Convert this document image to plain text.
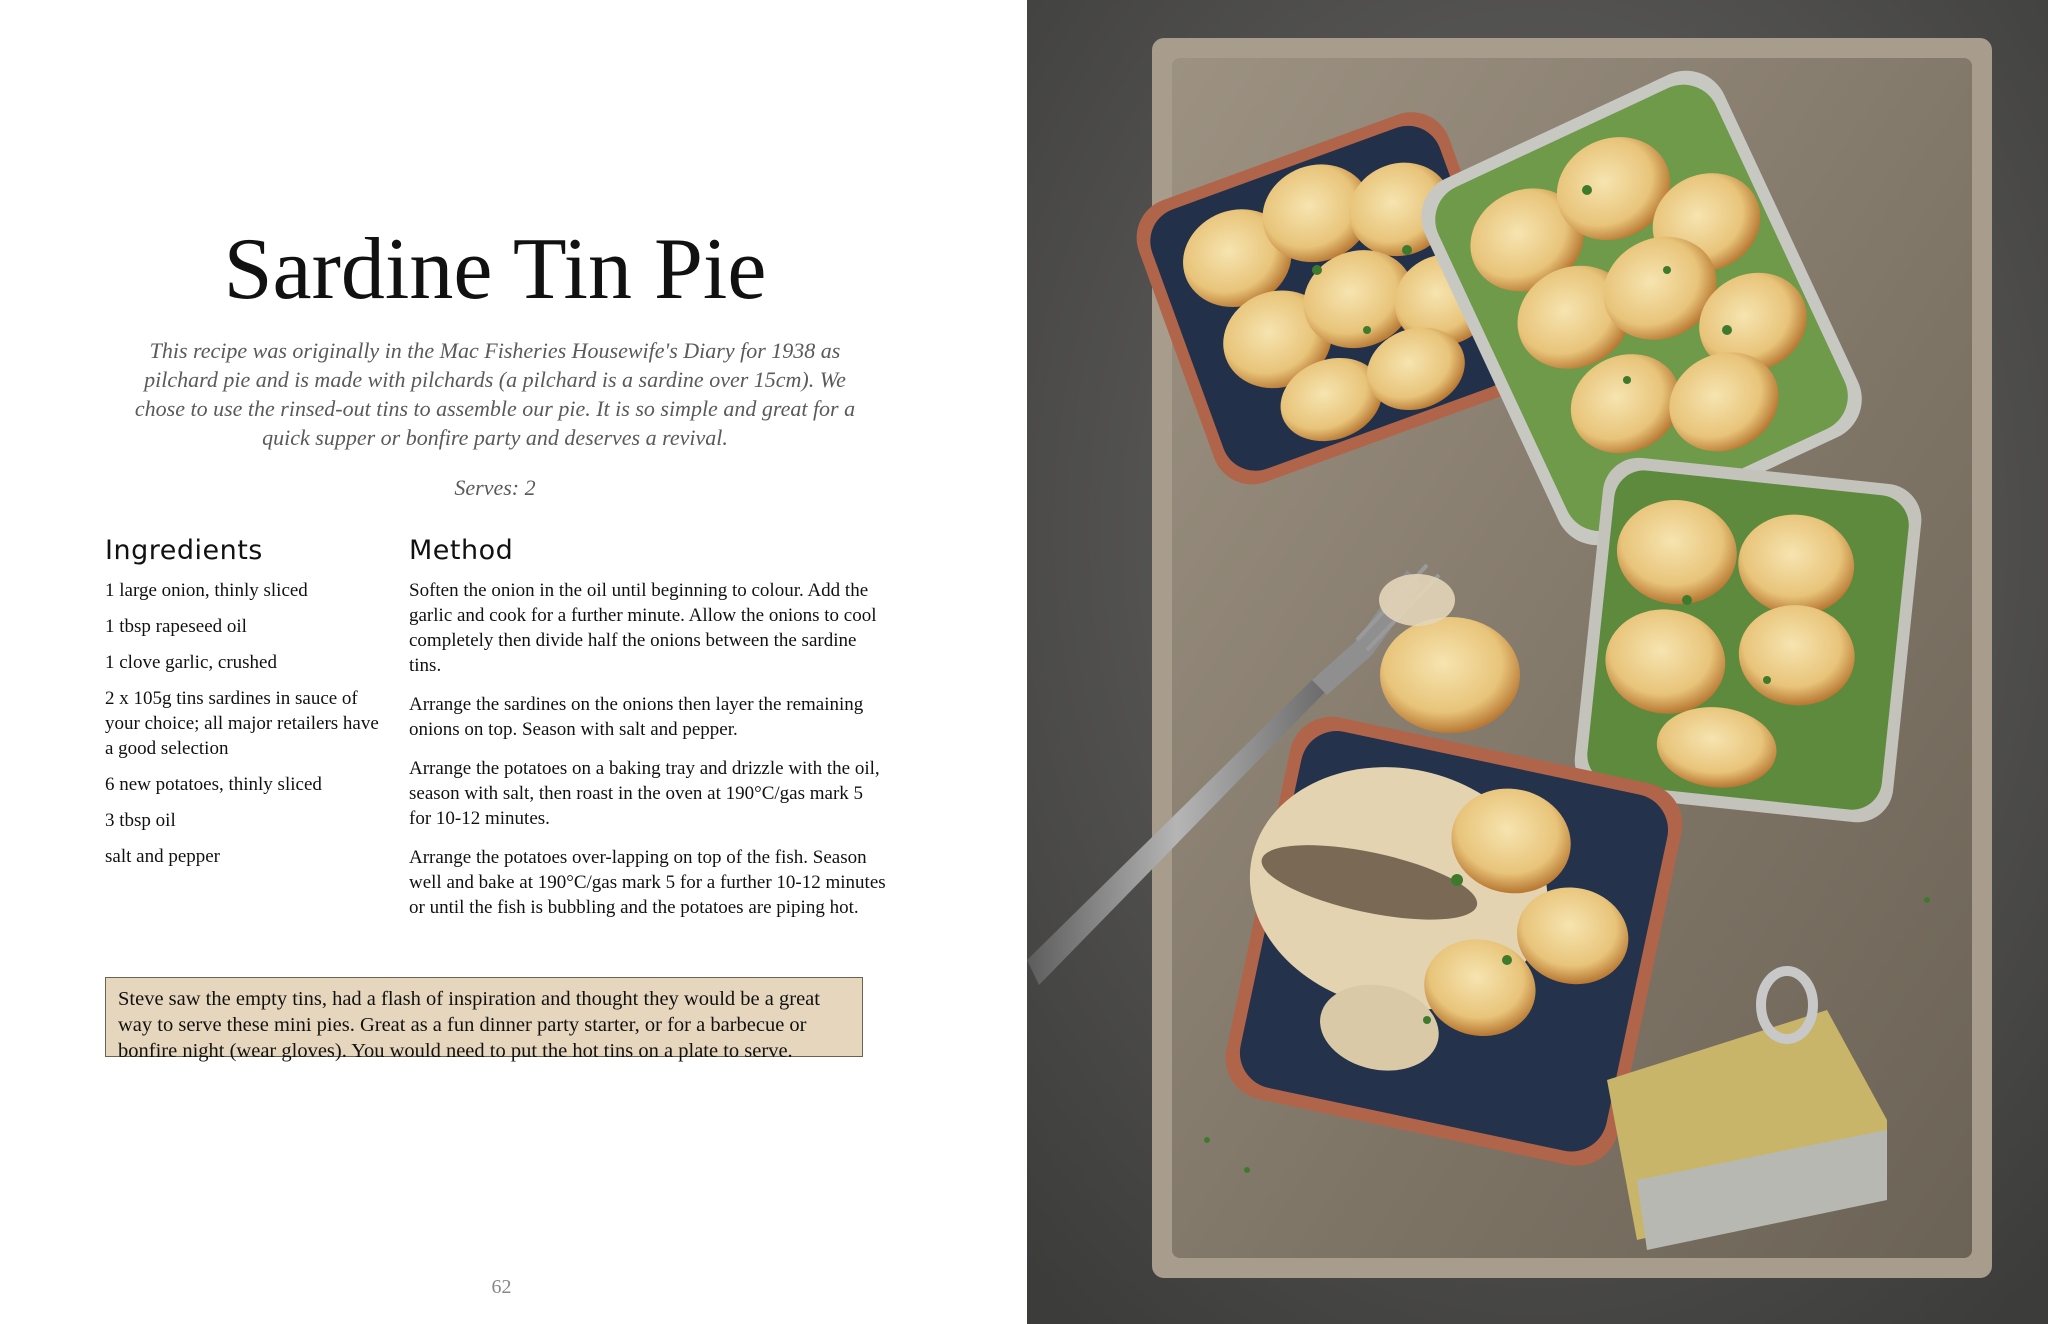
Sardine Tin Pie
This recipe was originally in the Mac Fisheries Housewife's Diary for 1938 as pilchard pie and is made with pilchards (a pilchard is a sardine over 15cm). We chose to use the rinsed-out tins to assemble our pie. It is so simple and great for a quick supper or bonfire party and deserves a revival.
Serves: 2
Ingredients	Method
1 large onion, thinly sliced
1 tbsp rapeseed oil
1 clove garlic, crushed
2 x 105g tins sardines in sauce of your choice; all major retailers have a good selection
6 new potatoes, thinly sliced
3 tbsp oil
salt and pepper
Soften the onion in the oil until beginning to colour. Add the garlic and cook for a further minute. Allow the onions to cool completely then divide half the onions between the sardine tins.
Arrange the sardines on the onions then layer the remaining onions on top. Season with salt and pepper.
Arrange the potatoes on a baking tray and drizzle with the oil, season with salt, then roast in the oven at 190°C/gas mark 5 for 10-12 minutes.
Arrange the potatoes over-lapping on top of the fish. Season well and bake at 190°C/gas mark 5 for a further 10-12 minutes or until the fish is bubbling and the potatoes are piping hot.
Steve saw the empty tins, had a flash of inspiration and thought they would be a great way to serve these mini pies. Great as a fun dinner party starter, or for a barbecue or bonfire night (wear gloves). You would need to put the hot tins on a plate to serve.
62
